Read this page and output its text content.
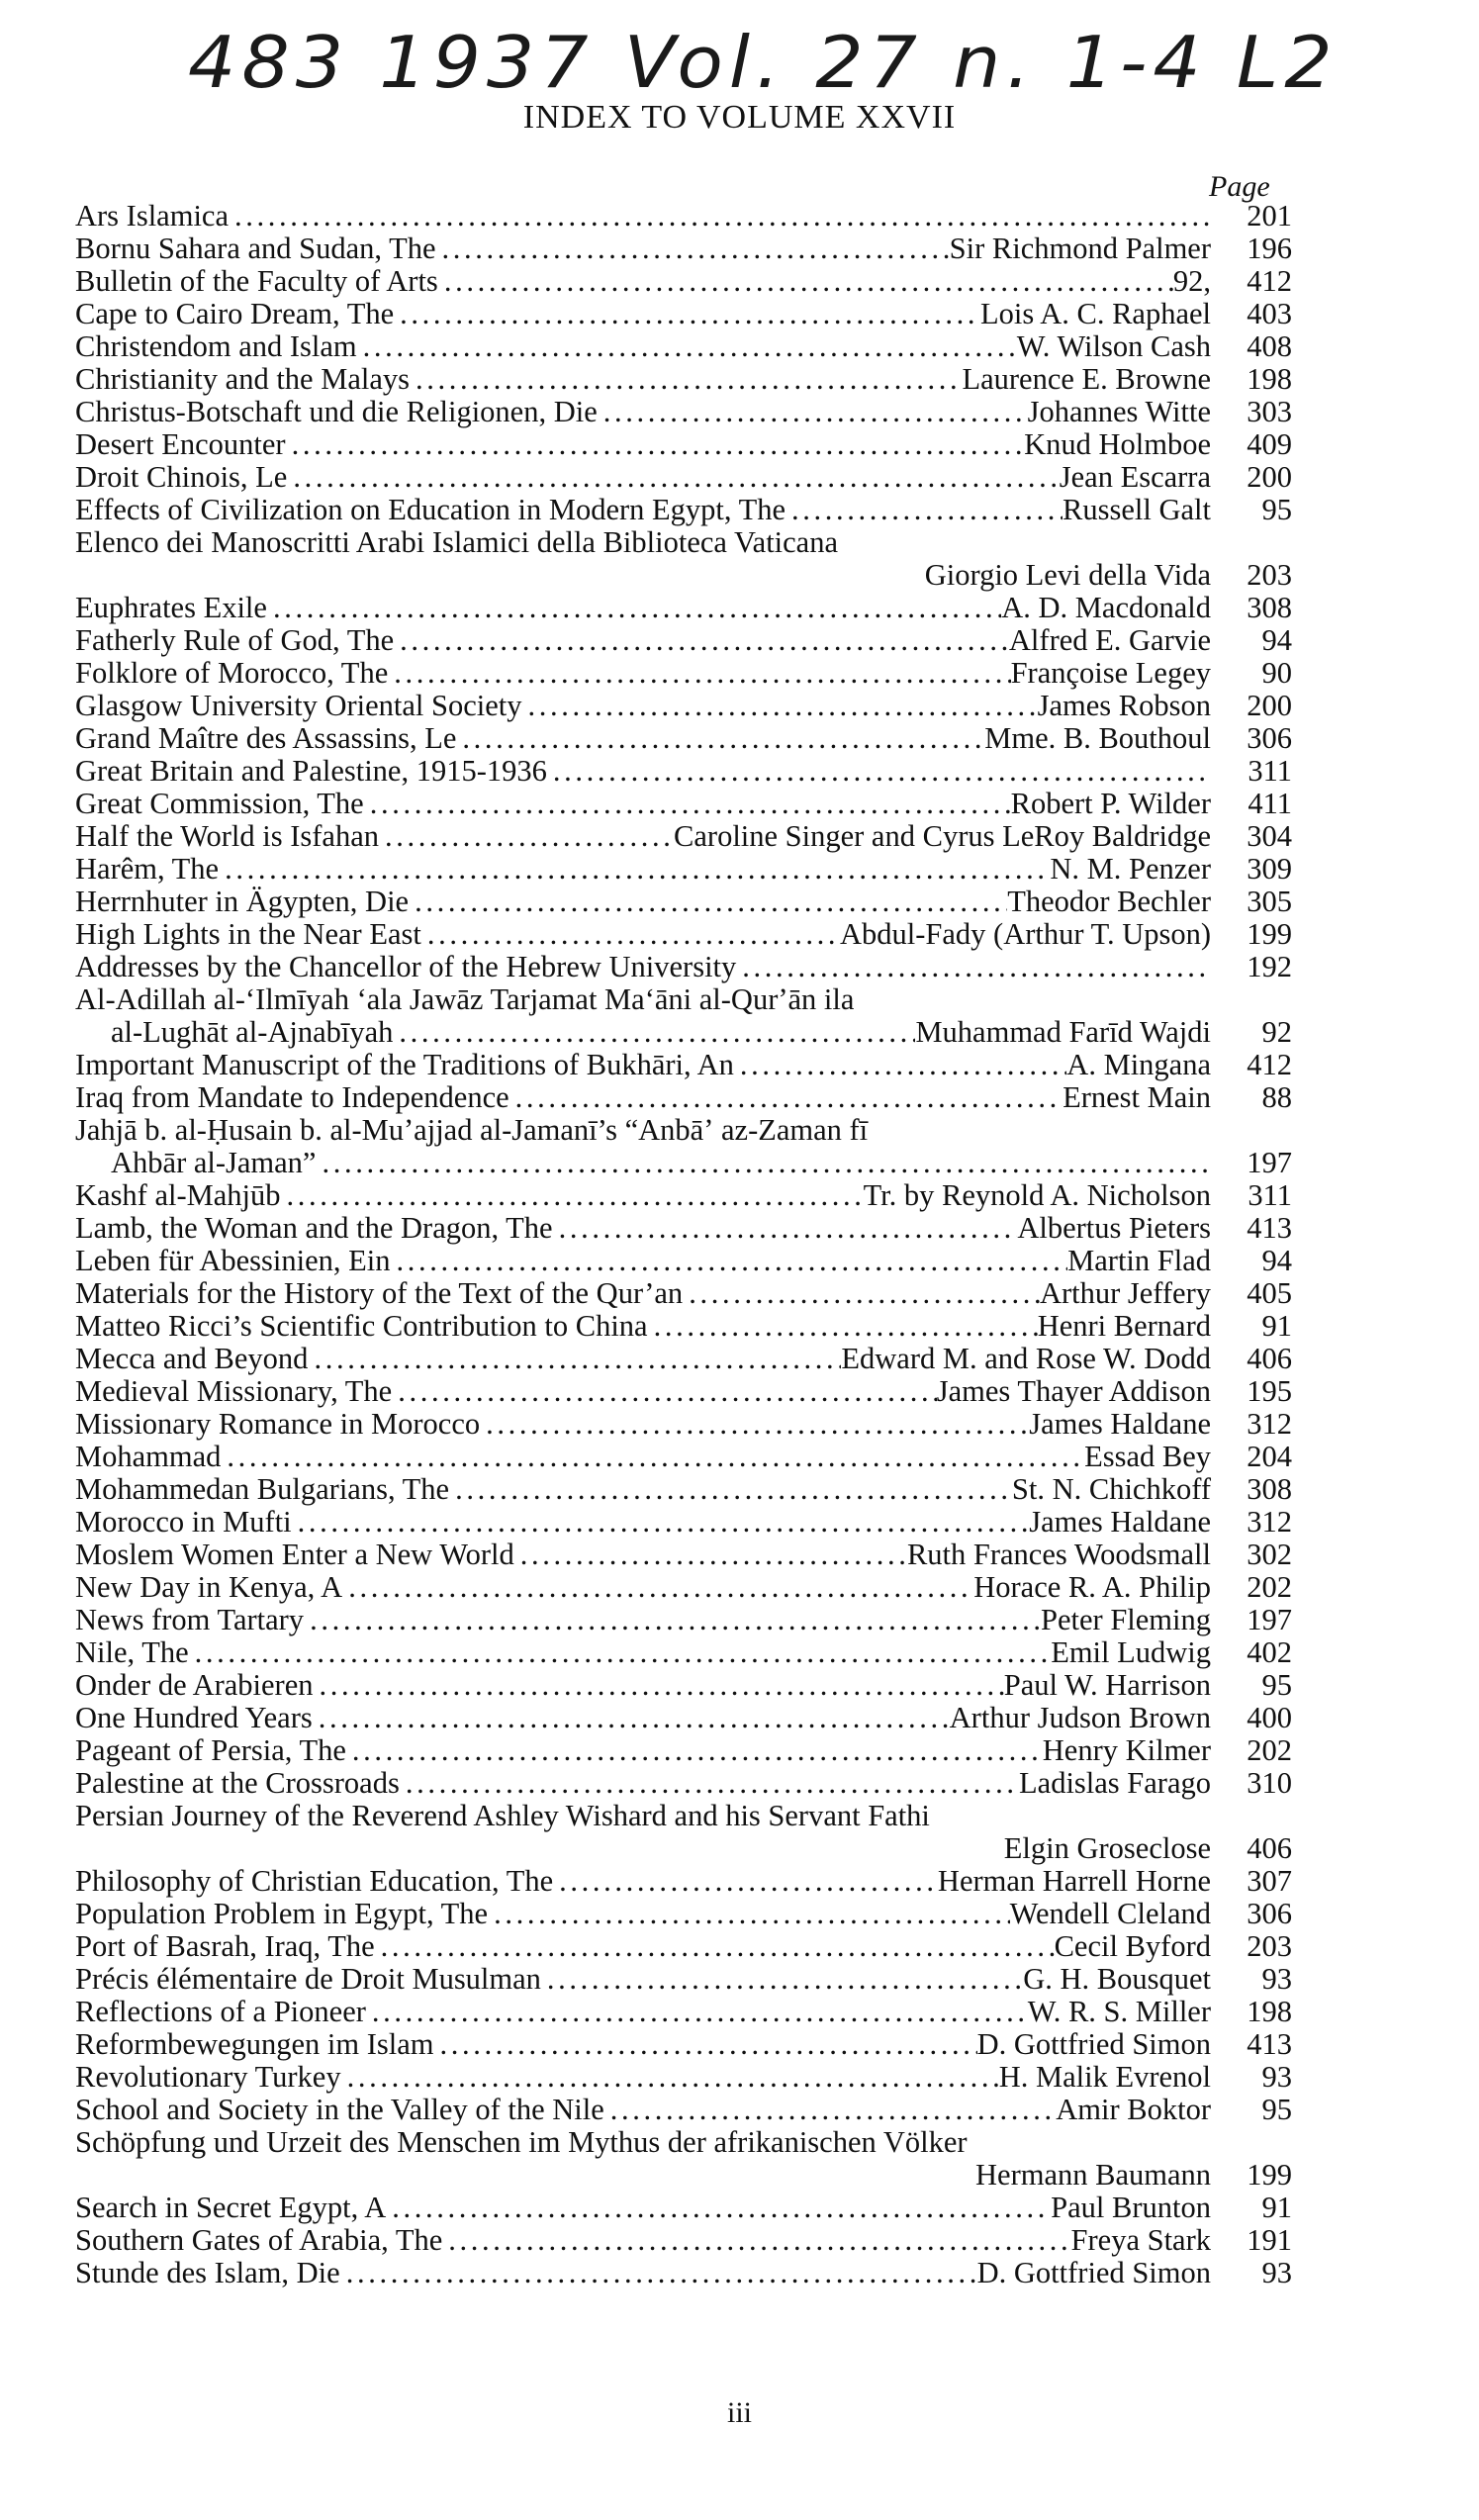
483 1937 Vol. 27 n. 1-4 L2
INDEX TO VOLUME XXVII
Page
Ars Islamica . . .	201
Bornu Sahara and Sudan, The . . .	Sir Richmond Palmer	196
Bulletin of the Faculty of Arts . . .	92,	412
Cape to Cairo Dream, The . . .	Lois A. C. Raphael	403
Christendom and Islam . . .	W. Wilson Cash	408
Christianity and the Malays . . .	Laurence E. Browne	198
Christus-Botschaft und die Religionen, Die . . .	Johannes Witte	303
Desert Encounter . . .	Knud Holmboe	409
Droit Chinois, Le . . .	Jean Escarra	200
Effects of Civilization on Education in Modern Egypt, The . . .	Russell Galt	95
Elenco dei Manoscritti Arabi Islamici della Biblioteca Vaticana
Giorgio Levi della Vida	203
Euphrates Exile . . .	A. D. Macdonald	308
Fatherly Rule of God, The . . .	Alfred E. Garvie	94
Folklore of Morocco, The . . .	Françoise Legey	90
Glasgow University Oriental Society . . .	James Robson	200
Grand Maître des Assassins, Le . . .	Mme. B. Bouthoul	306
Great Britain and Palestine, 1915-1936 . . .	311
Great Commission, The . . .	Robert P. Wilder	411
Half the World is Isfahan . . .	Caroline Singer and Cyrus LeRoy Baldridge	304
Harêm, The . . .	N. M. Penzer	309
Herrnhuter in Ägypten, Die . . .	Theodor Bechler	305
High Lights in the Near East . . .	Abdul-Fady (Arthur T. Upson)	199
Addresses by the Chancellor of the Hebrew University . . .	192
Al-Adillah al-ʻIlmīyah ʻala Jawāz Tarjamat Maʻāni al-Qurʼān ila
al-Lughāt al-Ajnabīyah . . .	Muhammad Farīd Wajdi	92
Important Manuscript of the Traditions of Bukhāri, An . . .	A. Mingana	412
Iraq from Mandate to Independence . . .	Ernest Main	88
Jahjā b. al-Ḥusain b. al-Muʼajjad al-Jamanī’s “Anbāʼ az-Zaman fī
Ahbār al-Jaman” . . .	197
Kashf al-Mahjūb . . .	Tr. by Reynold A. Nicholson	311
Lamb, the Woman and the Dragon, The . . .	Albertus Pieters	413
Leben für Abessinien, Ein . . .	Martin Flad	94
Materials for the History of the Text of the Qur’an . . .	Arthur Jeffery	405
Matteo Ricci’s Scientific Contribution to China . . .	Henri Bernard	91
Mecca and Beyond . . .	Edward M. and Rose W. Dodd	406
Medieval Missionary, The . . .	James Thayer Addison	195
Missionary Romance in Morocco . . .	James Haldane	312
Mohammad . . .	Essad Bey	204
Mohammedan Bulgarians, The . . .	St. N. Chichkoff	308
Morocco in Mufti . . .	James Haldane	312
Moslem Women Enter a New World . . .	Ruth Frances Woodsmall	302
New Day in Kenya, A . . .	Horace R. A. Philip	202
News from Tartary . . .	Peter Fleming	197
Nile, The . . .	Emil Ludwig	402
Onder de Arabieren . . .	Paul W. Harrison	95
One Hundred Years . . .	Arthur Judson Brown	400
Pageant of Persia, The . . .	Henry Kilmer	202
Palestine at the Crossroads . . .	Ladislas Farago	310
Persian Journey of the Reverend Ashley Wishard and his Servant Fathi
Elgin Groseclose	406
Philosophy of Christian Education, The . . .	Herman Harrell Horne	307
Population Problem in Egypt, The . . .	Wendell Cleland	306
Port of Basrah, Iraq, The . . .	Cecil Byford	203
Précis élémentaire de Droit Musulman . . .	G. H. Bousquet	93
Reflections of a Pioneer . . .	W. R. S. Miller	198
Reformbewegungen im Islam . . .	D. Gottfried Simon	413
Revolutionary Turkey . . .	H. Malik Evrenol	93
School and Society in the Valley of the Nile . . .	Amir Boktor	95
Schöpfung und Urzeit des Menschen im Mythus der afrikanischen Völker
Hermann Baumann	199
Search in Secret Egypt, A . . .	Paul Brunton	91
Southern Gates of Arabia, The . . .	Freya Stark	191
Stunde des Islam, Die . . .	D. Gottfried Simon	93
iii
